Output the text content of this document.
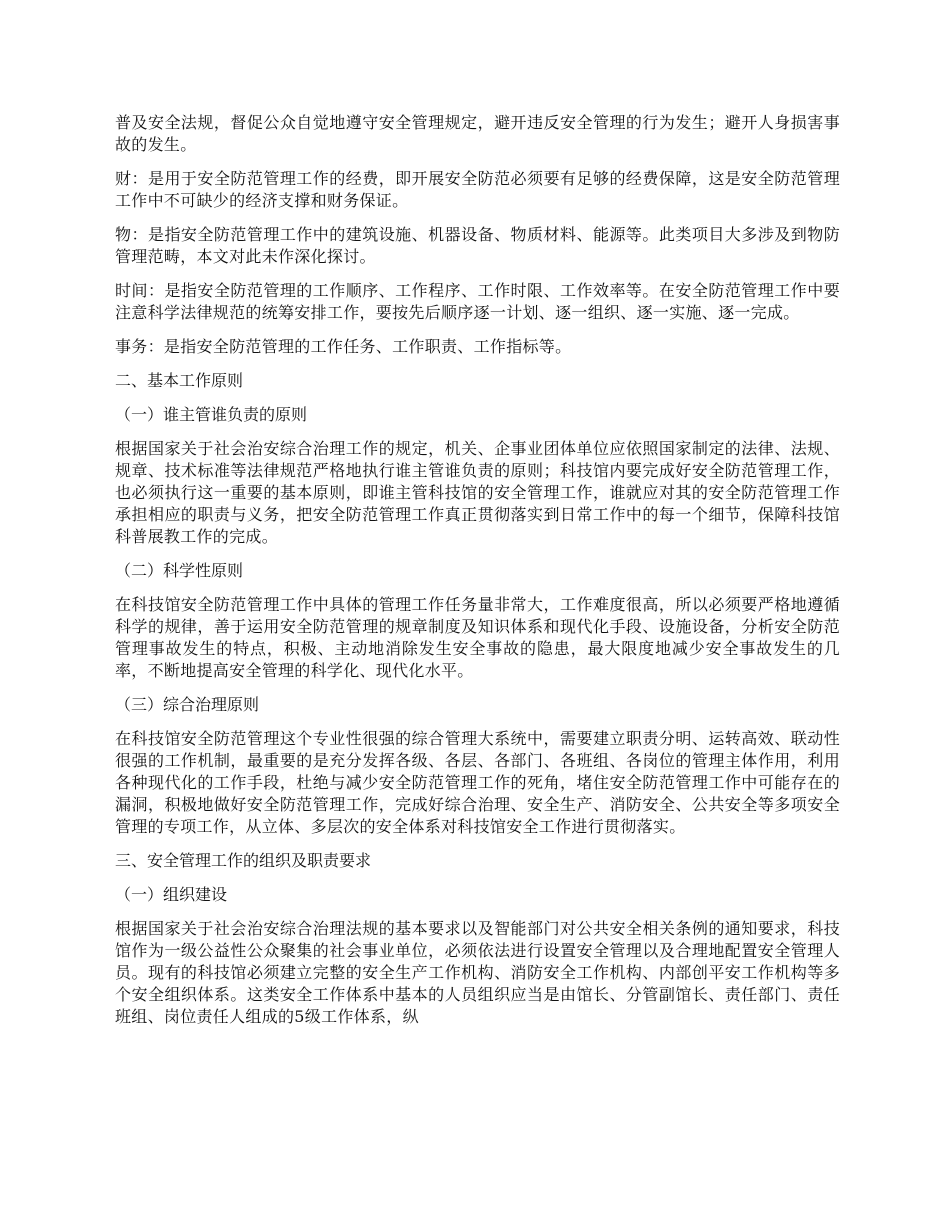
普及安全法规，督促公众自觉地遵守安全管理规定，避开违反安全管理的行为发生；避开人身损害事故的发生。

财：是用于安全防范管理工作的经费，即开展安全防范必须要有足够的经费保障，这是安全防范管理工作中不可缺少的经济支撑和财务保证。

物：是指安全防范管理工作中的建筑设施、机器设备、物质材料、能源等。此类项目大多涉及到物防管理范畴，本文对此未作深化探讨。

时间：是指安全防范管理的工作顺序、工作程序、工作时限、工作效率等。在安全防范管理工作中要注意科学法律规范的统筹安排工作，要按先后顺序逐一计划、逐一组织、逐一实施、逐一完成。

事务：是指安全防范管理的工作任务、工作职责、工作指标等。

二、基本工作原则

（一）谁主管谁负责的原则

根据国家关于社会治安综合治理工作的规定，机关、企事业团体单位应依照国家制定的法律、法规、规章、技术标准等法律规范严格地执行谁主管谁负责的原则；科技馆内要完成好安全防范管理工作，也必须执行这一重要的基本原则，即谁主管科技馆的安全管理工作，谁就应对其的安全防范管理工作承担相应的职责与义务，把安全防范管理工作真正贯彻落实到日常工作中的每一个细节，保障科技馆科普展教工作的完成。

（二）科学性原则

在科技馆安全防范管理工作中具体的管理工作任务量非常大，工作难度很高，所以必须要严格地遵循科学的规律，善于运用安全防范管理的规章制度及知识体系和现代化手段、设施设备，分析安全防范管理事故发生的特点，积极、主动地消除发生安全事故的隐患，最大限度地减少安全事故发生的几率，不断地提高安全管理的科学化、现代化水平。

（三）综合治理原则

在科技馆安全防范管理这个专业性很强的综合管理大系统中，需要建立职责分明、运转高效、联动性很强的工作机制，最重要的是充分发挥各级、各层、各部门、各班组、各岗位的管理主体作用，利用各种现代化的工作手段，杜绝与减少安全防范管理工作的死角，堵住安全防范管理工作中可能存在的漏洞，积极地做好安全防范管理工作，完成好综合治理、安全生产、消防安全、公共安全等多项安全管理的专项工作，从立体、多层次的安全体系对科技馆安全工作进行贯彻落实。

三、安全管理工作的组织及职责要求

（一）组织建设

根据国家关于社会治安综合治理法规的基本要求以及智能部门对公共安全相关条例的通知要求，科技馆作为一级公益性公众聚集的社会事业单位，必须依法进行设置安全管理以及合理地配置安全管理人员。现有的科技馆必须建立完整的安全生产工作机构、消防安全工作机构、内部创平安工作机构等多个安全组织体系。这类安全工作体系中基本的人员组织应当是由馆长、分管副馆长、责任部门、责任班组、岗位责任人组成的5级工作体系，纵
